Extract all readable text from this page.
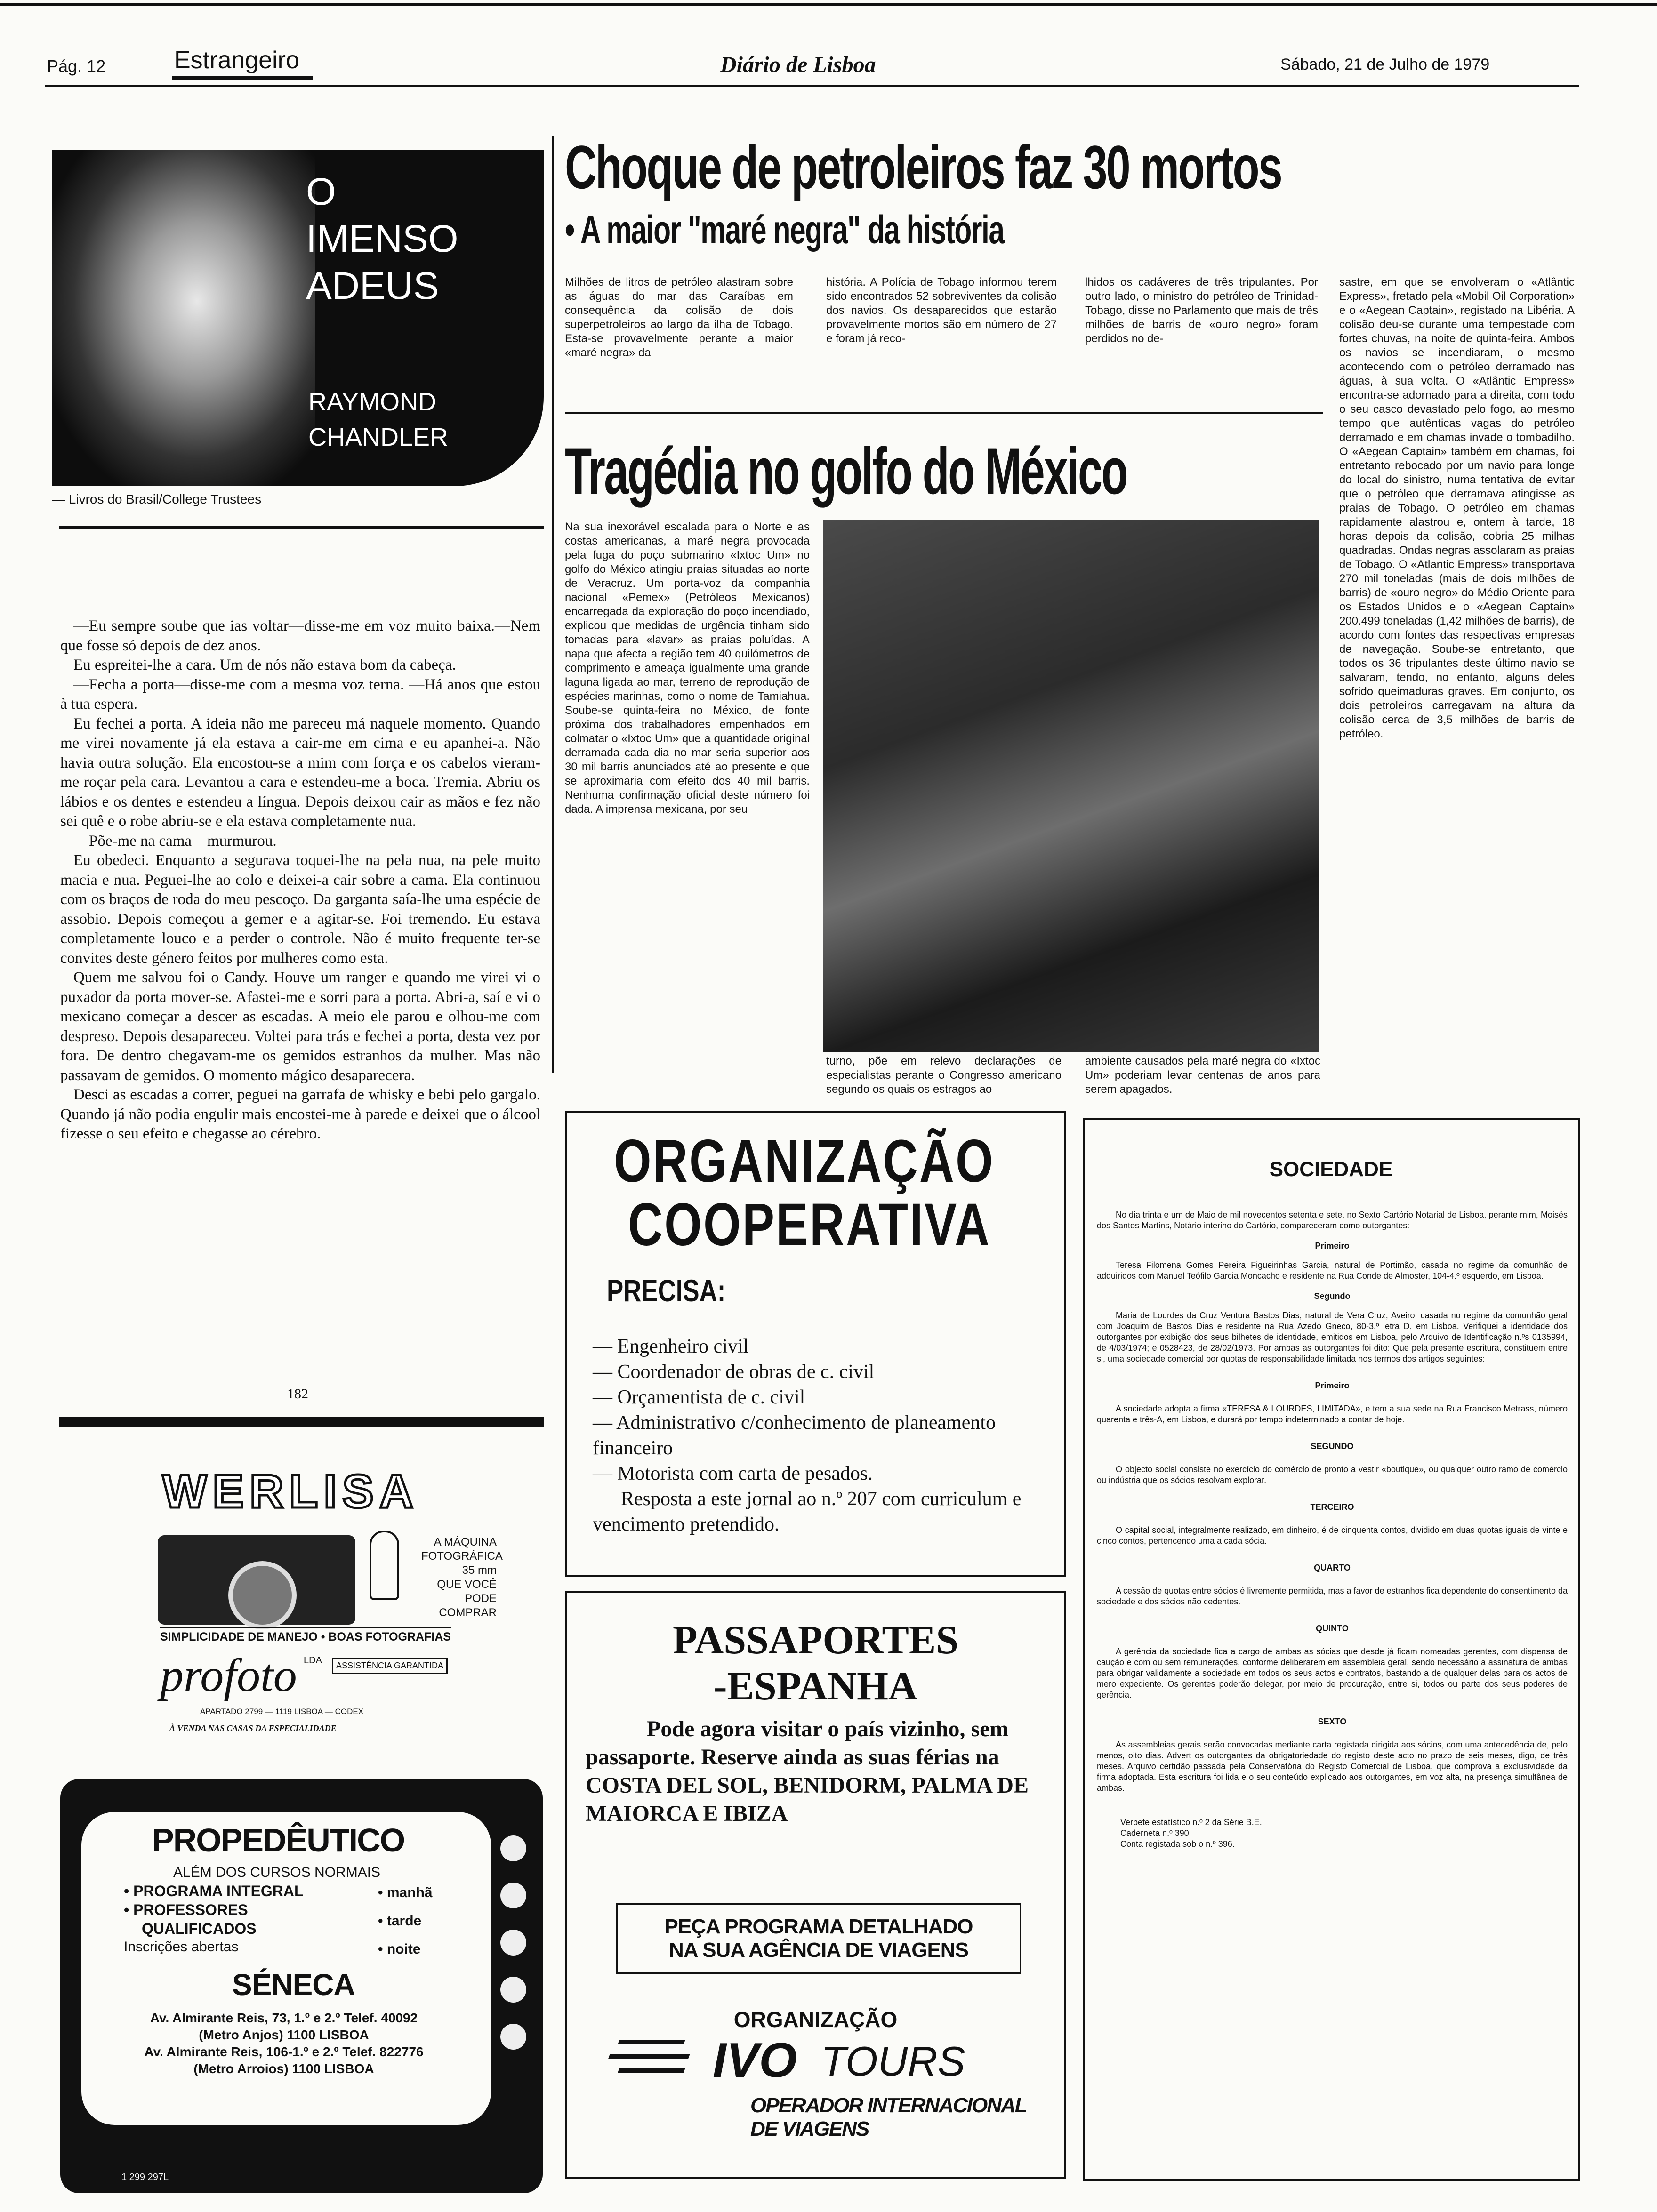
Pág. 12	Estrangeiro	Diário de Lisboa	Sábado, 21 de Julho de 1979
O
IMENSO
ADEUS
RAYMOND
CHANDLER
— Livros do Brasil/College Trustees

—Eu sempre soube que ias voltar—disse-me em voz muito baixa.—Nem que fosse só depois de dez anos.

Eu espreitei-lhe a cara. Um de nós não estava bom da cabeça.

—Fecha a porta—disse-me com a mesma voz terna. —Há anos que estou à tua espera.

Eu fechei a porta. A ideia não me pareceu má naquele momento. Quando me virei novamente já ela estava a cair-me em cima e eu apanhei-a. Não havia outra solução. Ela encostou-se a mim com força e os cabelos vieram-me roçar pela cara. Levantou a cara e estendeu-me a boca. Tremia. Abriu os lábios e os dentes e estendeu a língua. Depois deixou cair as mãos e fez não sei quê e o robe abriu-se e ela estava completamente nua.

—Põe-me na cama—murmurou.

Eu obedeci. Enquanto a segurava toquei-lhe na pela nua, na pele muito macia e nua. Peguei-lhe ao colo e deixei-a cair sobre a cama. Ela continuou com os braços de roda do meu pescoço. Da garganta saía-lhe uma espécie de assobio. Depois começou a gemer e a agitar-se. Foi tremendo. Eu estava completamente louco e a perder o controle. Não é muito frequente ter-se convites deste género feitos por mulheres como esta.

Quem me salvou foi o Candy. Houve um ranger e quando me virei vi o puxador da porta mover-se. Afastei-me e sorri para a porta. Abri-a, saí e vi o mexicano começar a descer as escadas. A meio ele parou e olhou-me com despreso. Depois desapareceu. Voltei para trás e fechei a porta, desta vez por fora. De dentro chegavam-me os gemidos estranhos da mulher. Mas não passavam de gemidos. O momento mágico desaparecera.

Desci as escadas a correr, peguei na garrafa de whisky e bebi pelo gargalo. Quando já não podia engulir mais encostei-me à parede e deixei que o álcool fizesse o seu efeito e chegasse ao cérebro.

182
WERLISA
A MÁQUINA
FOTOGRÁFICA
35 mm
QUE VOCÊ
PODE COMPRAR
SIMPLICIDADE DE MANEJO • BOAS FOTOGRAFIAS
profoto LDA	ASSISTÊNCIA GARANTIDA
APARTADO 2799 — 1119 LISBOA — CODEX
À VENDA NAS CASAS DA ESPECIALIDADE
PROPEDÊUTICO
ALÉM DOS CURSOS NORMAIS
• PROGRAMA INTEGRAL
• PROFESSORES
QUALIFICADOS
Inscrições abertas
• manhã
• tarde
• noite
SÉNECA
Av. Almirante Reis, 73, 1.º e 2.º Telef. 40092
(Metro Anjos) 1100 LISBOA
Av. Almirante Reis, 106-1.º e 2.º Telef. 822776
(Metro Arroios) 1100 LISBOA
1 299 297L
Choque de petroleiros faz 30 mortos
• A maior "maré negra" da história
Milhões de litros de petróleo alastram sobre as águas do mar das Caraíbas em consequência da colisão de dois superpetroleiros ao largo da ilha de Tobago. Esta-se provavelmente perante a maior «maré negra» da
história. A Polícia de Tobago informou terem sido encontrados 52 sobreviventes da colisão dos navios. Os desaparecidos que estarão provavelmente mortos são em número de 27 e foram já reco-
lhidos os cadáveres de três tripulantes. Por outro lado, o ministro do petróleo de Trinidad-Tobago, disse no Parlamento que mais de três milhões de barris de «ouro negro» foram perdidos no de-
sastre, em que se envolveram o «Atlântic Express», fretado pela «Mobil Oil Corporation» e o «Aegean Captain», registado na Libéria. A colisão deu-se durante uma tempestade com fortes chuvas, na noite de quinta-feira. Ambos os navios se incendiaram, o mesmo acontecendo com o petróleo derramado nas águas, à sua volta. O «Atlântic Empress» encontra-se adornado para a direita, com todo o seu casco devastado pelo fogo, ao mesmo tempo que autênticas vagas do petróleo derramado e em chamas invade o tombadilho. O «Aegean Captain» também em chamas, foi entretanto rebocado por um navio para longe do local do sinistro, numa tentativa de evitar que o petróleo que derramava atingisse as praias de Tobago. O petróleo em chamas rapidamente alastrou e, ontem à tarde, 18 horas depois da colisão, cobria 25 milhas quadradas. Ondas negras assolaram as praias de Tobago. O «Atlantic Empress» transportava 270 mil toneladas (mais de dois milhões de barris) de «ouro negro» do Médio Oriente para os Estados Unidos e o «Aegean Captain» 200.499 toneladas (1,42 milhões de barris), de acordo com fontes das respectivas empresas de navegação. Soube-se entretanto, que todos os 36 tripulantes deste último navio se salvaram, tendo, no entanto, alguns deles sofrido queimaduras graves. Em conjunto, os dois petroleiros carregavam na altura da colisão cerca de 3,5 milhões de barris de petróleo.
Tragédia no golfo do México
Na sua inexorável escalada para o Norte e as costas americanas, a maré negra provocada pela fuga do poço submarino «Ixtoc Um» no golfo do México atingiu praias situadas ao norte de Veracruz. Um porta-voz da companhia nacional «Pemex» (Petróleos Mexicanos) encarregada da exploração do poço incendiado, explicou que medidas de urgência tinham sido tomadas para «lavar» as praias poluídas. A napa que afecta a região tem 40 quilómetros de comprimento e ameaça igualmente uma grande laguna ligada ao mar, terreno de reprodução de espécies marinhas, como o nome de Tamiahua. Soube-se quinta-feira no México, de fonte próxima dos trabalhadores empenhados em colmatar o «Ixtoc Um» que a quantidade original derramada cada dia no mar seria superior aos 30 mil barris anunciados até ao presente e que se aproximaria com efeito dos 40 mil barris. Nenhuma confirmação oficial deste número foi dada. A imprensa mexicana, por seu
turno, põe em relevo declarações de especialistas perante o Congresso americano segundo os quais os estragos ao
ambiente causados pela maré negra do «Ixtoc Um» poderiam levar centenas de anos para serem apagados.
ORGANIZAÇÃO
COOPERATIVA
PRECISA:
— Engenheiro civil
— Coordenador de obras de c. civil
— Orçamentista de c. civil
— Administrativo c/conhecimento de planeamento financeiro
— Motorista com carta de pesados.
Resposta a este jornal ao n.º 207 com curriculum e vencimento pretendido.
PASSAPORTES
-ESPANHA
Pode agora visitar o país vizinho, sem passaporte. Reserve ainda as suas férias na COSTA DEL SOL, BENIDORM, PALMA DE MAIORCA E IBIZA
PEÇA PROGRAMA DETALHADO
NA SUA AGÊNCIA DE VIAGENS
ORGANIZAÇÃO
IVO TOURS
OPERADOR INTERNACIONAL
DE VIAGENS
SOCIEDADE
No dia trinta e um de Maio de mil novecentos setenta e sete, no Sexto Cartório Notarial de Lisboa, perante mim, Moisés dos Santos Martins, Notário interino do Cartório, compareceram como outorgantes:
Primeiro
Teresa Filomena Gomes Pereira Figueirinhas Garcia, natural de Portimão, casada no regime da comunhão de adquiridos com Manuel Teófilo Garcia Moncacho e residente na Rua Conde de Almoster, 104-4.º esquerdo, em Lisboa.
Segundo
Maria de Lourdes da Cruz Ventura Bastos Dias, natural de Vera Cruz, Aveiro, casada no regime da comunhão geral com Joaquim de Bastos Dias e residente na Rua Azedo Gneco, 80-3.º letra D, em Lisboa. Verifiquei a identidade dos outorgantes por exibição dos seus bilhetes de identidade, emitidos em Lisboa, pelo Arquivo de Identificação n.ºs 0135994, de 4/03/1974; e 0528423, de 28/02/1973. Por ambas as outorgantes foi dito: Que pela presente escritura, constituem entre si, uma sociedade comercial por quotas de responsabilidade limitada nos termos dos artigos seguintes:
Primeiro
A sociedade adopta a firma «TERESA & LOURDES, LIMITADA», e tem a sua sede na Rua Francisco Metrass, número quarenta e três-A, em Lisboa, e durará por tempo indeterminado a contar de hoje.
SEGUNDO
O objecto social consiste no exercício do comércio de pronto a vestir «boutique», ou qualquer outro ramo de comércio ou indústria que os sócios resolvam explorar.
TERCEIRO
O capital social, integralmente realizado, em dinheiro, é de cinquenta contos, dividido em duas quotas iguais de vinte e cinco contos, pertencendo uma a cada sócia.
QUARTO
A cessão de quotas entre sócios é livremente permitida, mas a favor de estranhos fica dependente do consentimento da sociedade e dos sócios não cedentes.
QUINTO
A gerência da sociedade fica a cargo de ambas as sócias que desde já ficam nomeadas gerentes, com dispensa de caução e com ou sem remunerações, conforme deliberarem em assembleia geral, sendo necessário a assinatura de ambas para obrigar validamente a sociedade em todos os seus actos e contratos, bastando a de qualquer delas para os actos de mero expediente. Os gerentes poderão delegar, por meio de procuração, entre si, todos ou parte dos seus poderes de gerência.
SEXTO
As assembleias gerais serão convocadas mediante carta registada dirigida aos sócios, com uma antecedência de, pelo menos, oito dias. Advert os outorgantes da obrigatoriedade do registo deste acto no prazo de seis meses, digo, de três meses. Arquivo certidão passada pela Conservatória do Registo Comercial de Lisboa, que comprova a exclusividade da firma adoptada. Esta escritura foi lida e o seu conteúdo explicado aos outorgantes, em voz alta, na presença simultânea de ambas.
Verbete estatístico n.º 2 da Série B.E.
Caderneta n.º 390
Conta registada sob o n.º 396.
